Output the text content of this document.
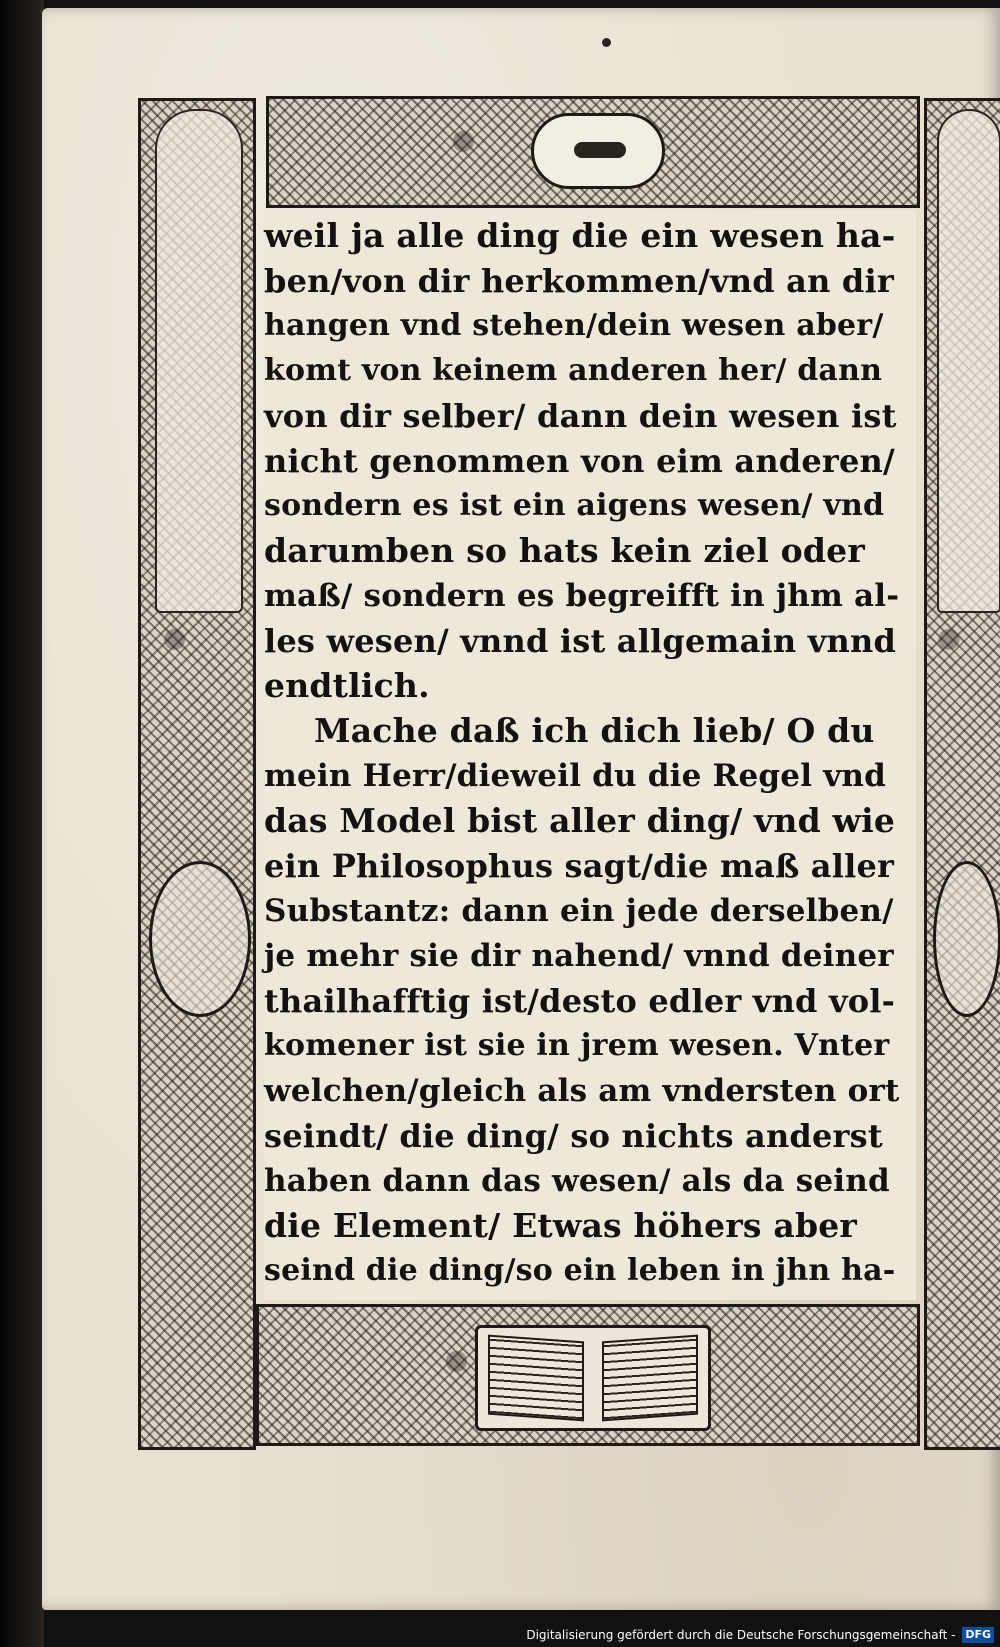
weil ja alle ding die ein wesen ha-
ben/von dir herkommen/vnd an dir
hangen vnd stehen/dein wesen aber/
komt von keinem anderen her/ dann
von dir selber/ dann dein wesen ist
nicht genommen von eim anderen/
sondern es ist ein aigens wesen/ vnd
darumben so hats kein ziel oder
maß/ sondern es begreifft in jhm al-
les wesen/ vnnd ist allgemain vnnd
endtlich.
Mache daß ich dich lieb/ O du
mein Herr/dieweil du die Regel vnd
das Model bist aller ding/ vnd wie
ein Philosophus sagt/die maß aller
Substantz: dann ein jede derselben/
je mehr sie dir nahend/ vnnd deiner
thailhafftig ist/desto edler vnd vol-
komener ist sie in jrem wesen. Vnter
welchen/gleich als am vndersten ort
seindt/ die ding/ so nichts anderst
haben dann das wesen/ als da seind
die Element/ Etwas höhers aber
seind die ding/so ein leben in jhn ha-
Digitalisierung gefördert durch die Deutsche Forschungsgemeinschaft - DFG
